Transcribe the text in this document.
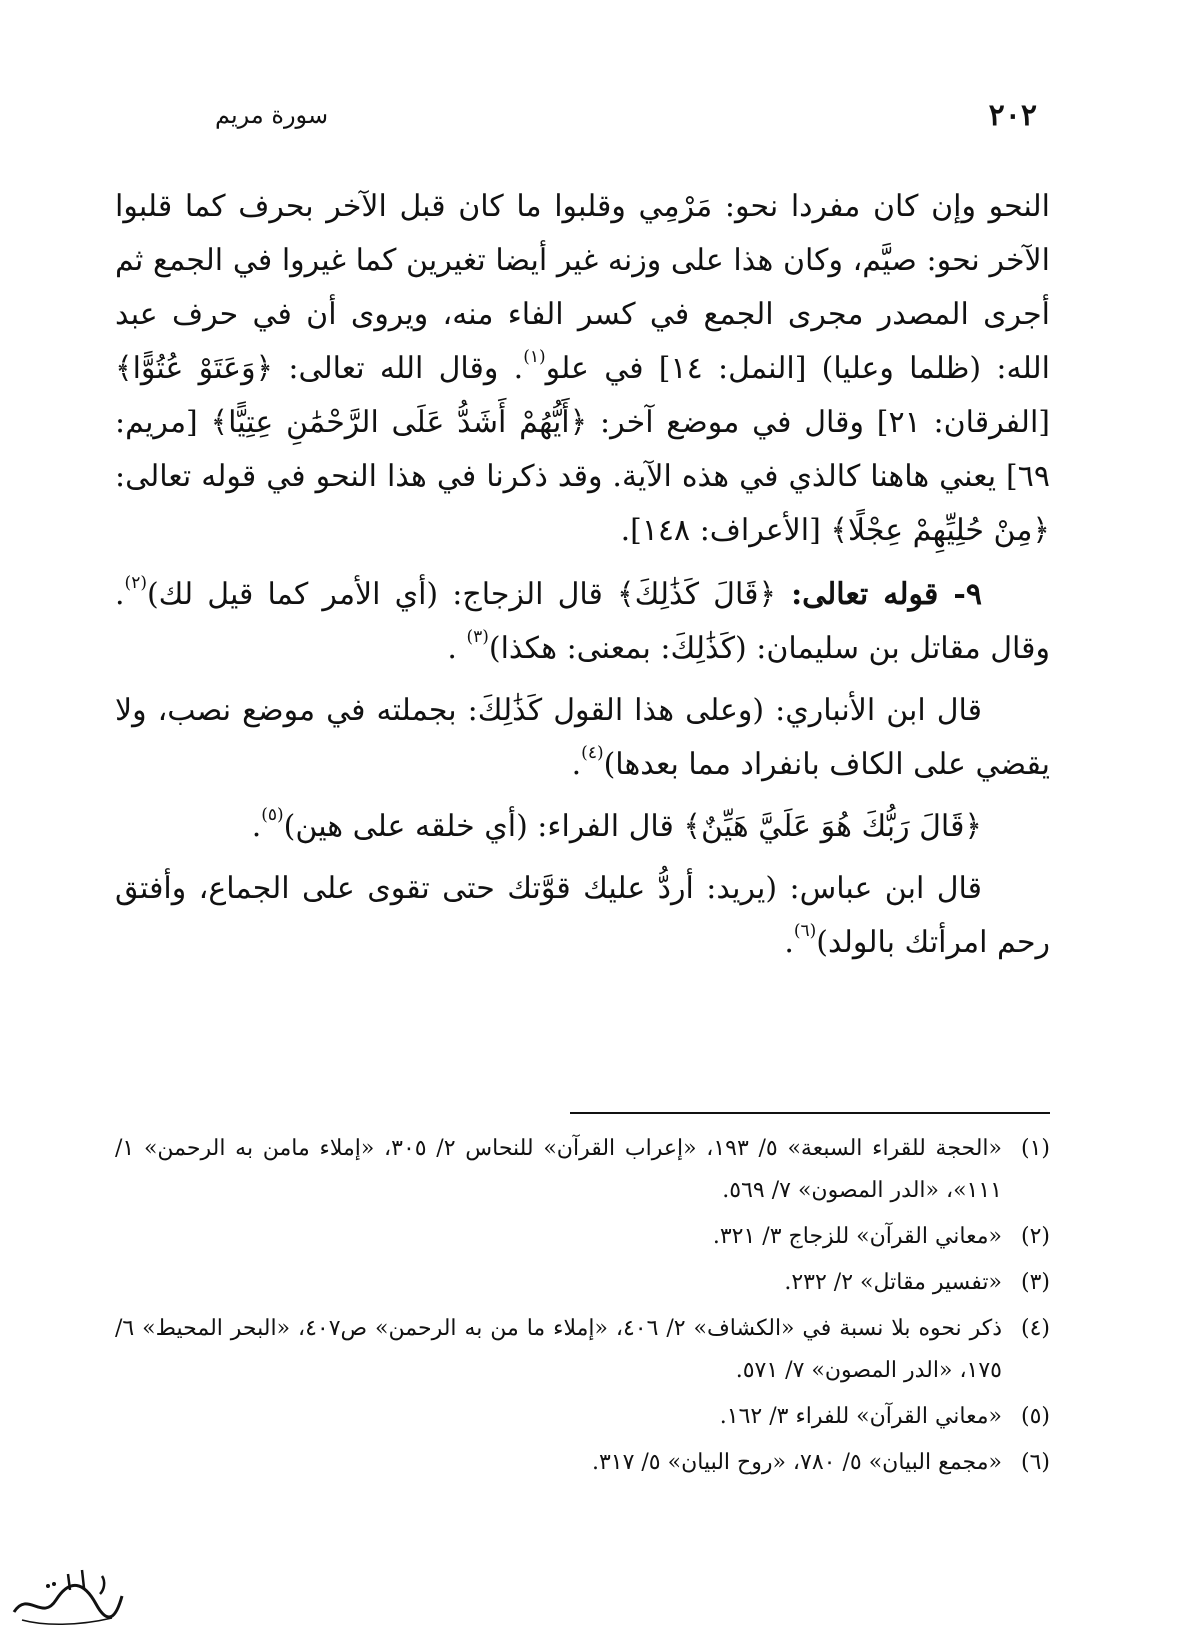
٢٠٢
سورة مريم

النحو وإن كان مفردا نحو: مَرْمِي وقلبوا ما كان قبل الآخر بحرف كما قلبوا الآخر نحو: صيَّم، وكان هذا على وزنه غير أيضا تغيرين كما غيروا في الجمع ثم أجرى المصدر مجرى الجمع في كسر الفاء منه، ويروى أن في حرف عبد الله: (ظلما وعليا) [النمل: ١٤] في علو$^{(١)}$. وقال الله تعالى: ﴿وَعَتَوْ عُتُوًّا﴾ [الفرقان: ٢١] وقال في موضع آخر: ﴿أَيُّهُمْ أَشَدُّ عَلَى الرَّحْمَٰنِ عِتِيًّا﴾ [مريم: ٦٩] يعني هاهنا كالذي في هذه الآية. وقد ذكرنا في هذا النحو في قوله تعالى: ﴿مِنْ حُلِيِّهِمْ عِجْلًا﴾ [الأعراف: ١٤٨].

٩- قوله تعالى: ﴿قَالَ كَذَٰلِكَ﴾ قال الزجاج: (أي الأمر كما قيل لك)$^{(٢)}$. وقال مقاتل بن سليمان: (كَذَٰلِكَ: بمعنى: هكذا)$^{(٣)}$ .

قال ابن الأنباري: (وعلى هذا القول كَذَٰلِكَ: بجملته في موضع نصب، ولا يقضي على الكاف بانفراد مما بعدها)$^{(٤)}$.

﴿قَالَ رَبُّكَ هُوَ عَلَيَّ هَيِّنٌ﴾ قال الفراء: (أي خلقه على هين)$^{(٥)}$.

قال ابن عباس: (يريد: أردُّ عليك قوَّتك حتى تقوى على الجماع، وأفتق رحم امرأتك بالولد)$^{(٦)}$.

(١)
«الحجة للقراء السبعة» ٥/ ١٩٣، «إعراب القرآن» للنحاس ٢/ ٣٠٥، «إملاء مامن به الرحمن» ١/ ١١١»، «الدر المصون» ٧/ ٥٦٩.
(٢)
«معاني القرآن» للزجاج ٣/ ٣٢١.
(٣)
«تفسير مقاتل» ٢/ ٢٣٢.
(٤)
ذكر نحوه بلا نسبة في «الكشاف» ٢/ ٤٠٦، «إملاء ما من به الرحمن» ص٤٠٧، «البحر المحيط» ٦/ ١٧٥، «الدر المصون» ٧/ ٥٧١.
(٥)
«معاني القرآن» للفراء ٣/ ١٦٢.
(٦)
«مجمع البيان» ٥/ ٧٨٠، «روح البيان» ٥/ ٣١٧.
